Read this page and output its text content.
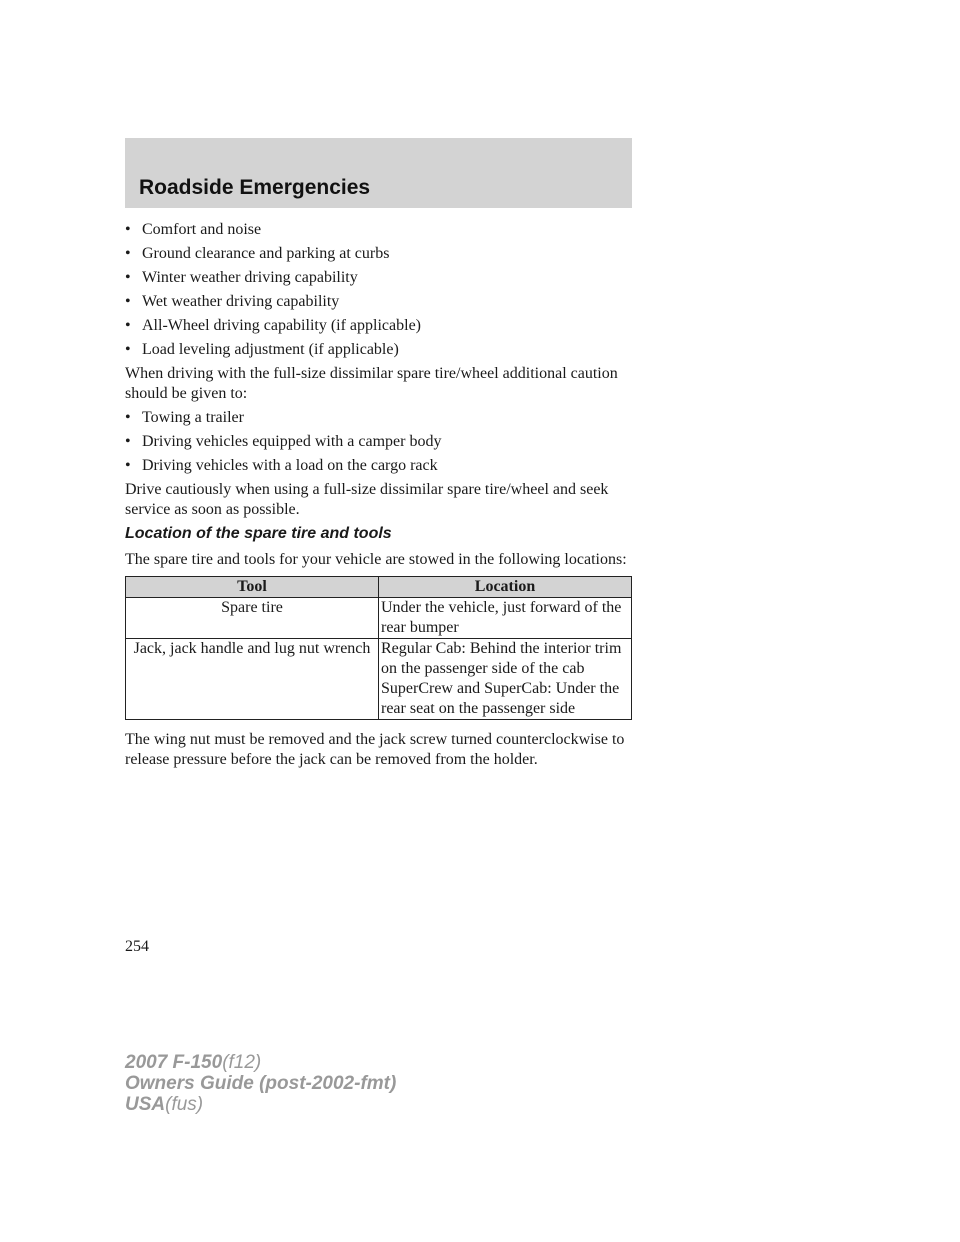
Roadside Emergencies
• Comfort and noise
• Ground clearance and parking at curbs
• Winter weather driving capability
• Wet weather driving capability
• All-Wheel driving capability (if applicable)
• Load leveling adjustment (if applicable)

When driving with the full-size dissimilar spare tire/wheel additional caution should be given to:

• Towing a trailer
• Driving vehicles equipped with a camper body
• Driving vehicles with a load on the cargo rack

Drive cautiously when using a full-size dissimilar spare tire/wheel and seek service as soon as possible.

Location of the spare tire and tools

The spare tire and tools for your vehicle are stowed in the following locations:

Tool	Location
Spare tire	Under the vehicle, just forward of the rear bumper
Jack, jack handle and lug nut wrench	Regular Cab: Behind the interior trim on the passenger side of the cab
SuperCrew and SuperCab: Under the rear seat on the passenger side

The wing nut must be removed and the jack screw turned counterclockwise to release pressure before the jack can be removed from the holder.

254
2007 F-150(f12)
Owners Guide (post-2002-fmt)
USA(fus)
